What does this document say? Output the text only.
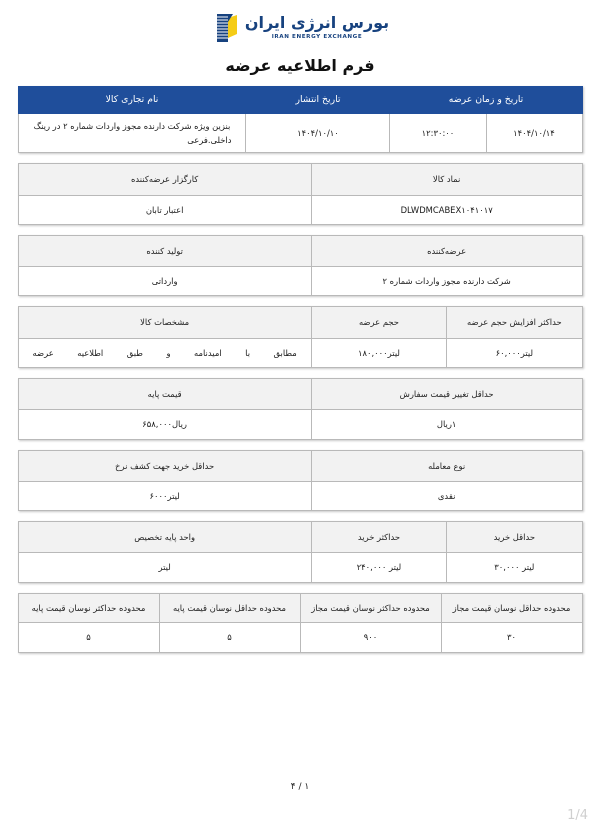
بورس انرژی ایران
IRAN ENERGY EXCHANGE
فرم اطلاعیه عرضه
تاریخ و زمان عرضه		تاریخ انتشار	نام تجاری کالا
۱۴۰۴/۱۰/۱۴	۱۲:۳۰:۰۰	۱۴۰۴/۱۰/۱۰	بنزین ویژه شرکت دارنده مجوز واردات شماره ۲ در رینگ داخلی.فرعی
نماد کالا	کارگزار عرضه‌کننده
DLWDMCABEX۱۰۴۱۰۱۷	اعتبار تابان
عرضه‌کننده	تولید کننده
شرکت دارنده مجوز واردات شماره ۲	وارداتی
حداکثر افزایش حجم عرضه	حجم عرضه	مشخصات کالا
لیتر۶۰,۰۰۰	لیتر۱۸۰,۰۰۰	مطابق با امیدنامه و طبق اطلاعیه عرضه
حداقل تغییر قیمت سفارش	قیمت پایه
۱ریال	ریال۶۵۸,۰۰۰
نوع معامله	حداقل خرید جهت کشف نرخ
نقدی	لیتر۶۰۰۰
حداقل خرید	حداکثر خرید	واحد پایه تخصیص
لیتر ۳۰,۰۰۰	لیتر ۲۴۰,۰۰۰	لیتر
محدوده حداقل نوسان قیمت مجاز	محدوده حداکثر نوسان قیمت مجاز	محدوده حداقل نوسان قیمت پایه	محدوده حداکثر نوسان قیمت پایه
۳۰	۹۰۰	۵	۵
۱ / ۴
1/4
